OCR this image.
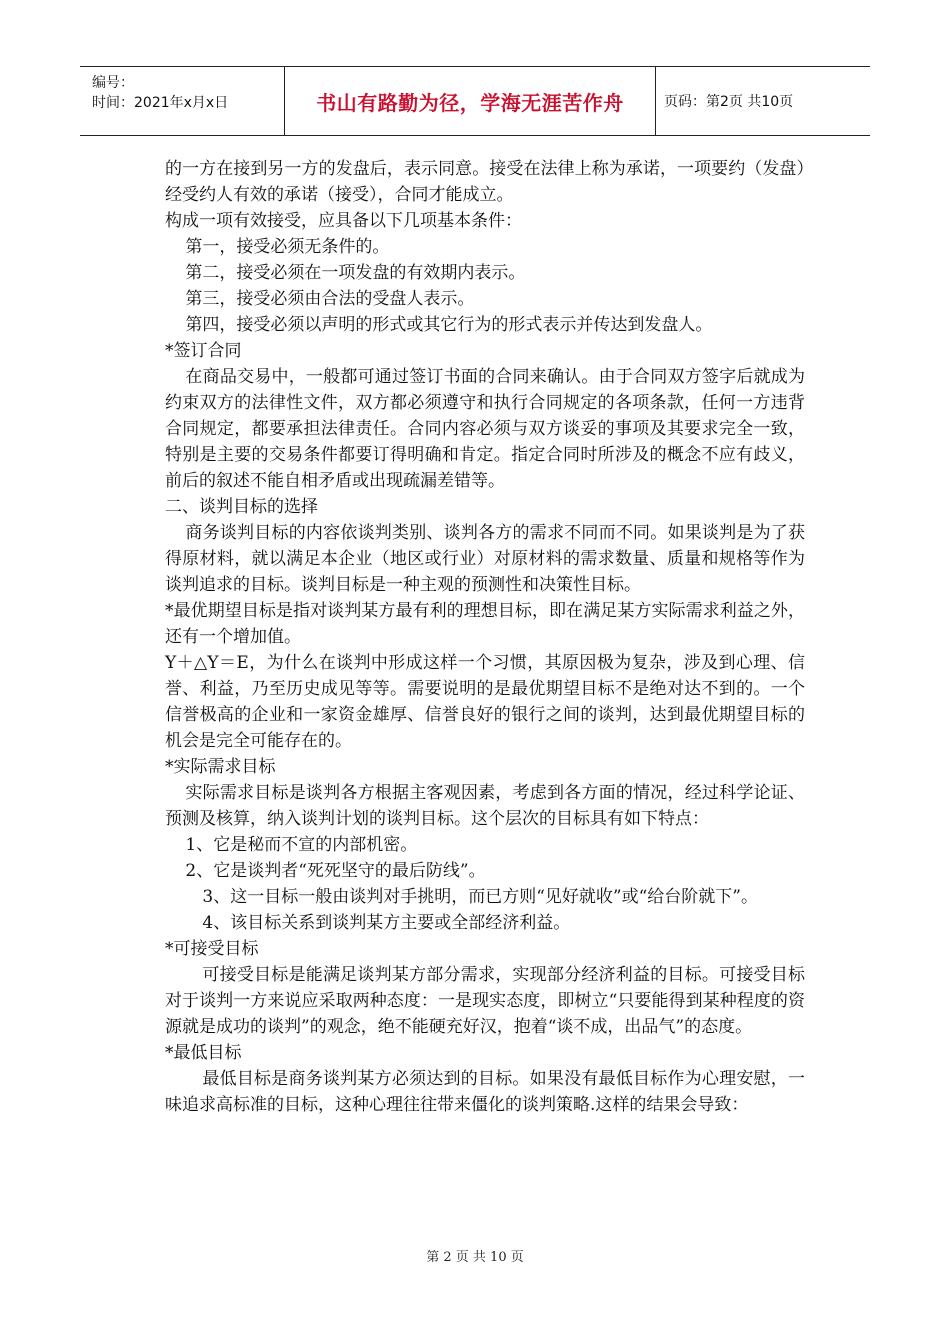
编号：
时间：2021年x月x日	书山有路勤为径，学海无涯苦作舟	页码：第2页 共10页

的一方在接到另一方的发盘后，表示同意。接受在法律上称为承诺，一项要约（发盘）经受约人有效的承诺（接受），合同才能成立。

构成一项有效接受，应具备以下几项基本条件：

第一，接受必须无条件的。

第二，接受必须在一项发盘的有效期内表示。

第三，接受必须由合法的受盘人表示。

第四，接受必须以声明的形式或其它行为的形式表示并传达到发盘人。

*签订合同

在商品交易中，一般都可通过签订书面的合同来确认。由于合同双方签字后就成为约束双方的法律性文件，双方都必须遵守和执行合同规定的各项条款，任何一方违背合同规定，都要承担法律责任。合同内容必须与双方谈妥的事项及其要求完全一致，特别是主要的交易条件都要订得明确和肯定。指定合同时所涉及的概念不应有歧义，前后的叙述不能自相矛盾或出现疏漏差错等。

二、谈判目标的选择

商务谈判目标的内容依谈判类别、谈判各方的需求不同而不同。如果谈判是为了获得原材料，就以满足本企业（地区或行业）对原材料的需求数量、质量和规格等作为谈判追求的目标。谈判目标是一种主观的预测性和决策性目标。

*最优期望目标是指对谈判某方最有利的理想目标，即在满足某方实际需求利益之外，还有一个增加值。

Y＋△Y＝E，为什么在谈判中形成这样一个习惯，其原因极为复杂，涉及到心理、信誉、利益，乃至历史成见等等。需要说明的是最优期望目标不是绝对达不到的。一个信誉极高的企业和一家资金雄厚、信誉良好的银行之间的谈判，达到最优期望目标的机会是完全可能存在的。

*实际需求目标

实际需求目标是谈判各方根据主客观因素，考虑到各方面的情况，经过科学论证、预测及核算，纳入谈判计划的谈判目标。这个层次的目标具有如下特点：

1、它是秘而不宣的内部机密。

2、它是谈判者“死死坚守的最后防线”。

3、这一目标一般由谈判对手挑明，而已方则“见好就收”或“给台阶就下”。

4、该目标关系到谈判某方主要或全部经济利益。

*可接受目标

可接受目标是能满足谈判某方部分需求，实现部分经济利益的目标。可接受目标对于谈判一方来说应采取两种态度：一是现实态度，即树立“只要能得到某种程度的资源就是成功的谈判”的观念，绝不能硬充好汉，抱着“谈不成，出品气”的态度。

*最低目标

最低目标是商务谈判某方必须达到的目标。如果没有最低目标作为心理安慰，一味追求高标准的目标，这种心理往往带来僵化的谈判策略.这样的结果会导致：

第 2 页 共 10 页
